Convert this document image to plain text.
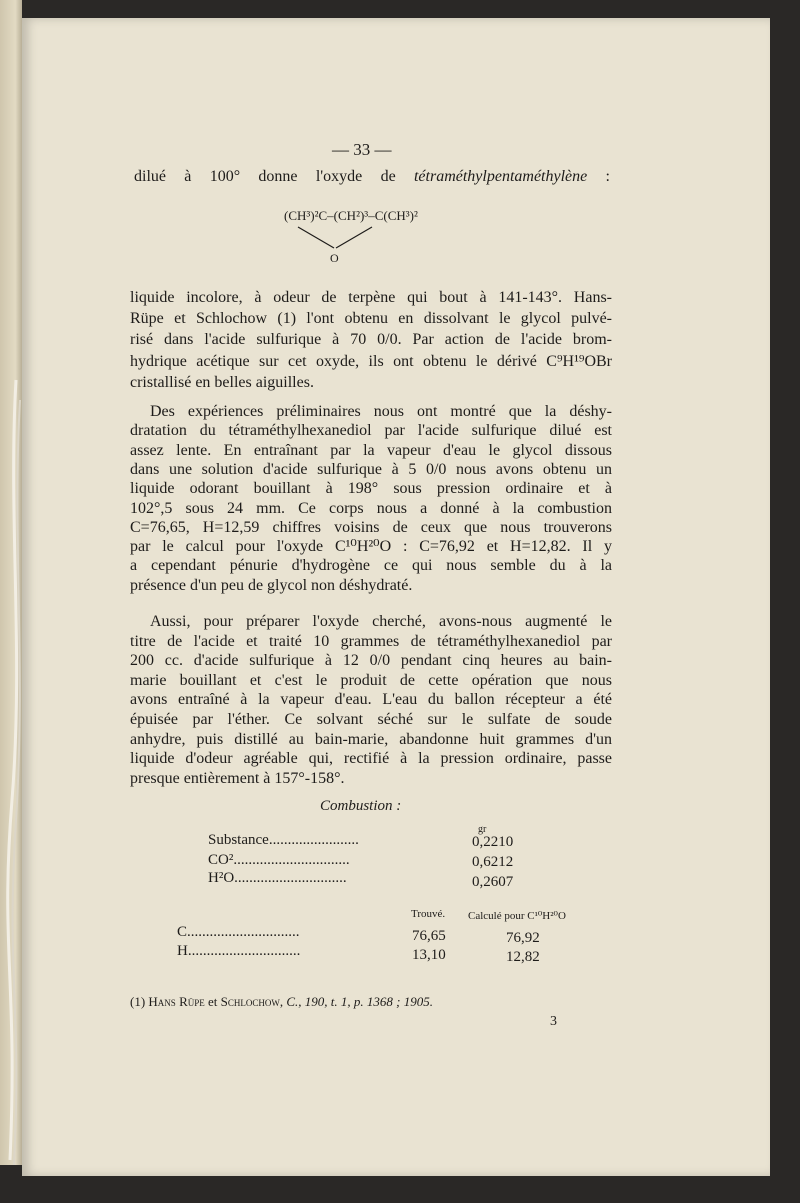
— 33 —
dilué à 100° donne l'oxyde de tétraméthylpentaméthylène :
(CH³)²C–(CH²)³–C(CH³)²
O
liquide incolore, à odeur de terpène qui bout à 141-143°. Hans-
Rüpe et Schlochow (1) l'ont obtenu en dissolvant le glycol pulvé-
risé dans l'acide sulfurique à 70 0/0. Par action de l'acide brom-
hydrique acétique sur cet oxyde, ils ont obtenu le dérivé C⁹H¹⁹OBr
cristallisé en belles aiguilles.
Des expériences préliminaires nous ont montré que la déshy-
dratation du tétraméthylhexanediol par l'acide sulfurique dilué est
assez lente. En entraînant par la vapeur d'eau le glycol dissous
dans une solution d'acide sulfurique à 5 0/0 nous avons obtenu un
liquide odorant bouillant à 198° sous pression ordinaire et à
102°,5 sous 24 mm. Ce corps nous a donné à la combustion
C=76,65, H=12,59 chiffres voisins de ceux que nous trouverons
par le calcul pour l'oxyde C¹⁰H²⁰O : C=76,92 et H=12,82. Il y
a cependant pénurie d'hydrogène ce qui nous semble du à la
présence d'un peu de glycol non déshydraté.
Aussi, pour préparer l'oxyde cherché, avons-nous augmenté le
titre de l'acide et traité 10 grammes de tétraméthylhexanediol par
200 cc. d'acide sulfurique à 12 0/0 pendant cinq heures au bain-
marie bouillant et c'est le produit de cette opération que nous
avons entraîné à la vapeur d'eau. L'eau du ballon récepteur a été
épuisée par l'éther. Ce solvant séché sur le sulfate de soude
anhydre, puis distillé au bain-marie, abandonne huit grammes d'un
liquide d'odeur agréable qui, rectifié à la pression ordinaire, passe
presque entièrement à 157°-158°.
Combustion :
gr
Substance........................	0,2210
CO²...............................	0,6212
H²O..............................	0,2607
Trouvé. Calculé pour C¹⁰H²⁰O
C..............................	76,65	76,92
H..............................	13,10	12,82
(1) Hans Rüpe et Schlochow, C., 190, t. 1, p. 1368 ; 1905.
3
